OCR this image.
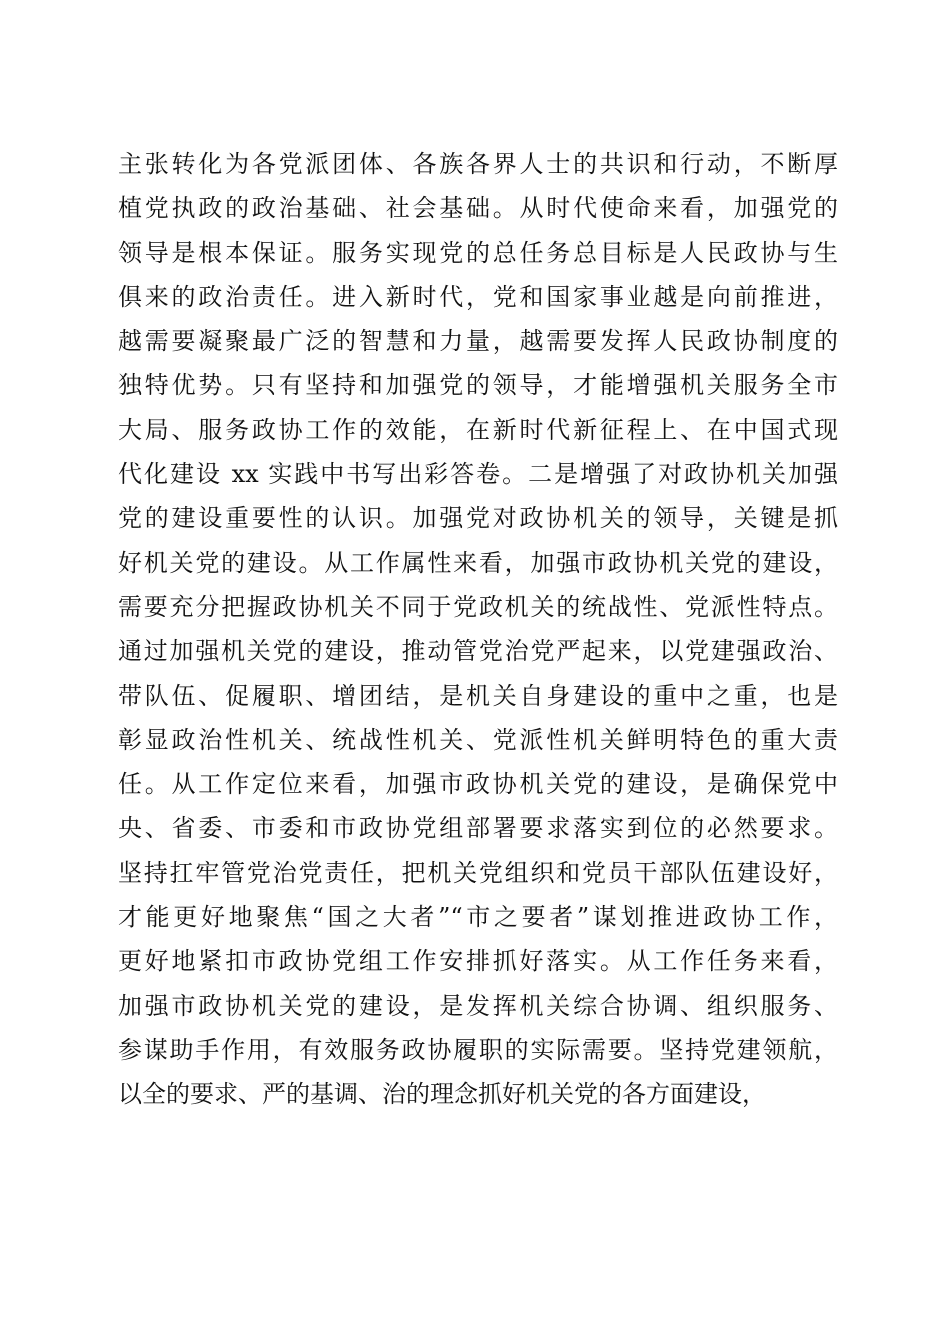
主张转化为各党派团体、各族各界人士的共识和行动，不断厚
植党执政的政治基础、社会基础。从时代使命来看，加强党的
领导是根本保证。服务实现党的总任务总目标是人民政协与生
俱来的政治责任。进入新时代，党和国家事业越是向前推进，
越需要凝聚最广泛的智慧和力量，越需要发挥人民政协制度的
独特优势。只有坚持和加强党的领导，才能增强机关服务全市
大局、服务政协工作的效能，在新时代新征程上、在中国式现
代化建设 xx 实践中书写出彩答卷。二是增强了对政协机关加强
党的建设重要性的认识。加强党对政协机关的领导，关键是抓
好机关党的建设。从工作属性来看，加强市政协机关党的建设，
需要充分把握政协机关不同于党政机关的统战性、党派性特点。
通过加强机关党的建设，推动管党治党严起来，以党建强政治、
带队伍、促履职、增团结，是机关自身建设的重中之重，也是
彰显政治性机关、统战性机关、党派性机关鲜明特色的重大责
任。从工作定位来看，加强市政协机关党的建设，是确保党中
央、省委、市委和市政协党组部署要求落实到位的必然要求。
坚持扛牢管党治党责任，把机关党组织和党员干部队伍建设好，
才能更好地聚焦“国之大者”“市之要者”谋划推进政协工作，
更好地紧扣市政协党组工作安排抓好落实。从工作任务来看，
加强市政协机关党的建设，是发挥机关综合协调、组织服务、
参谋助手作用，有效服务政协履职的实际需要。坚持党建领航，
以全的要求、严的基调、治的理念抓好机关党的各方面建设，
